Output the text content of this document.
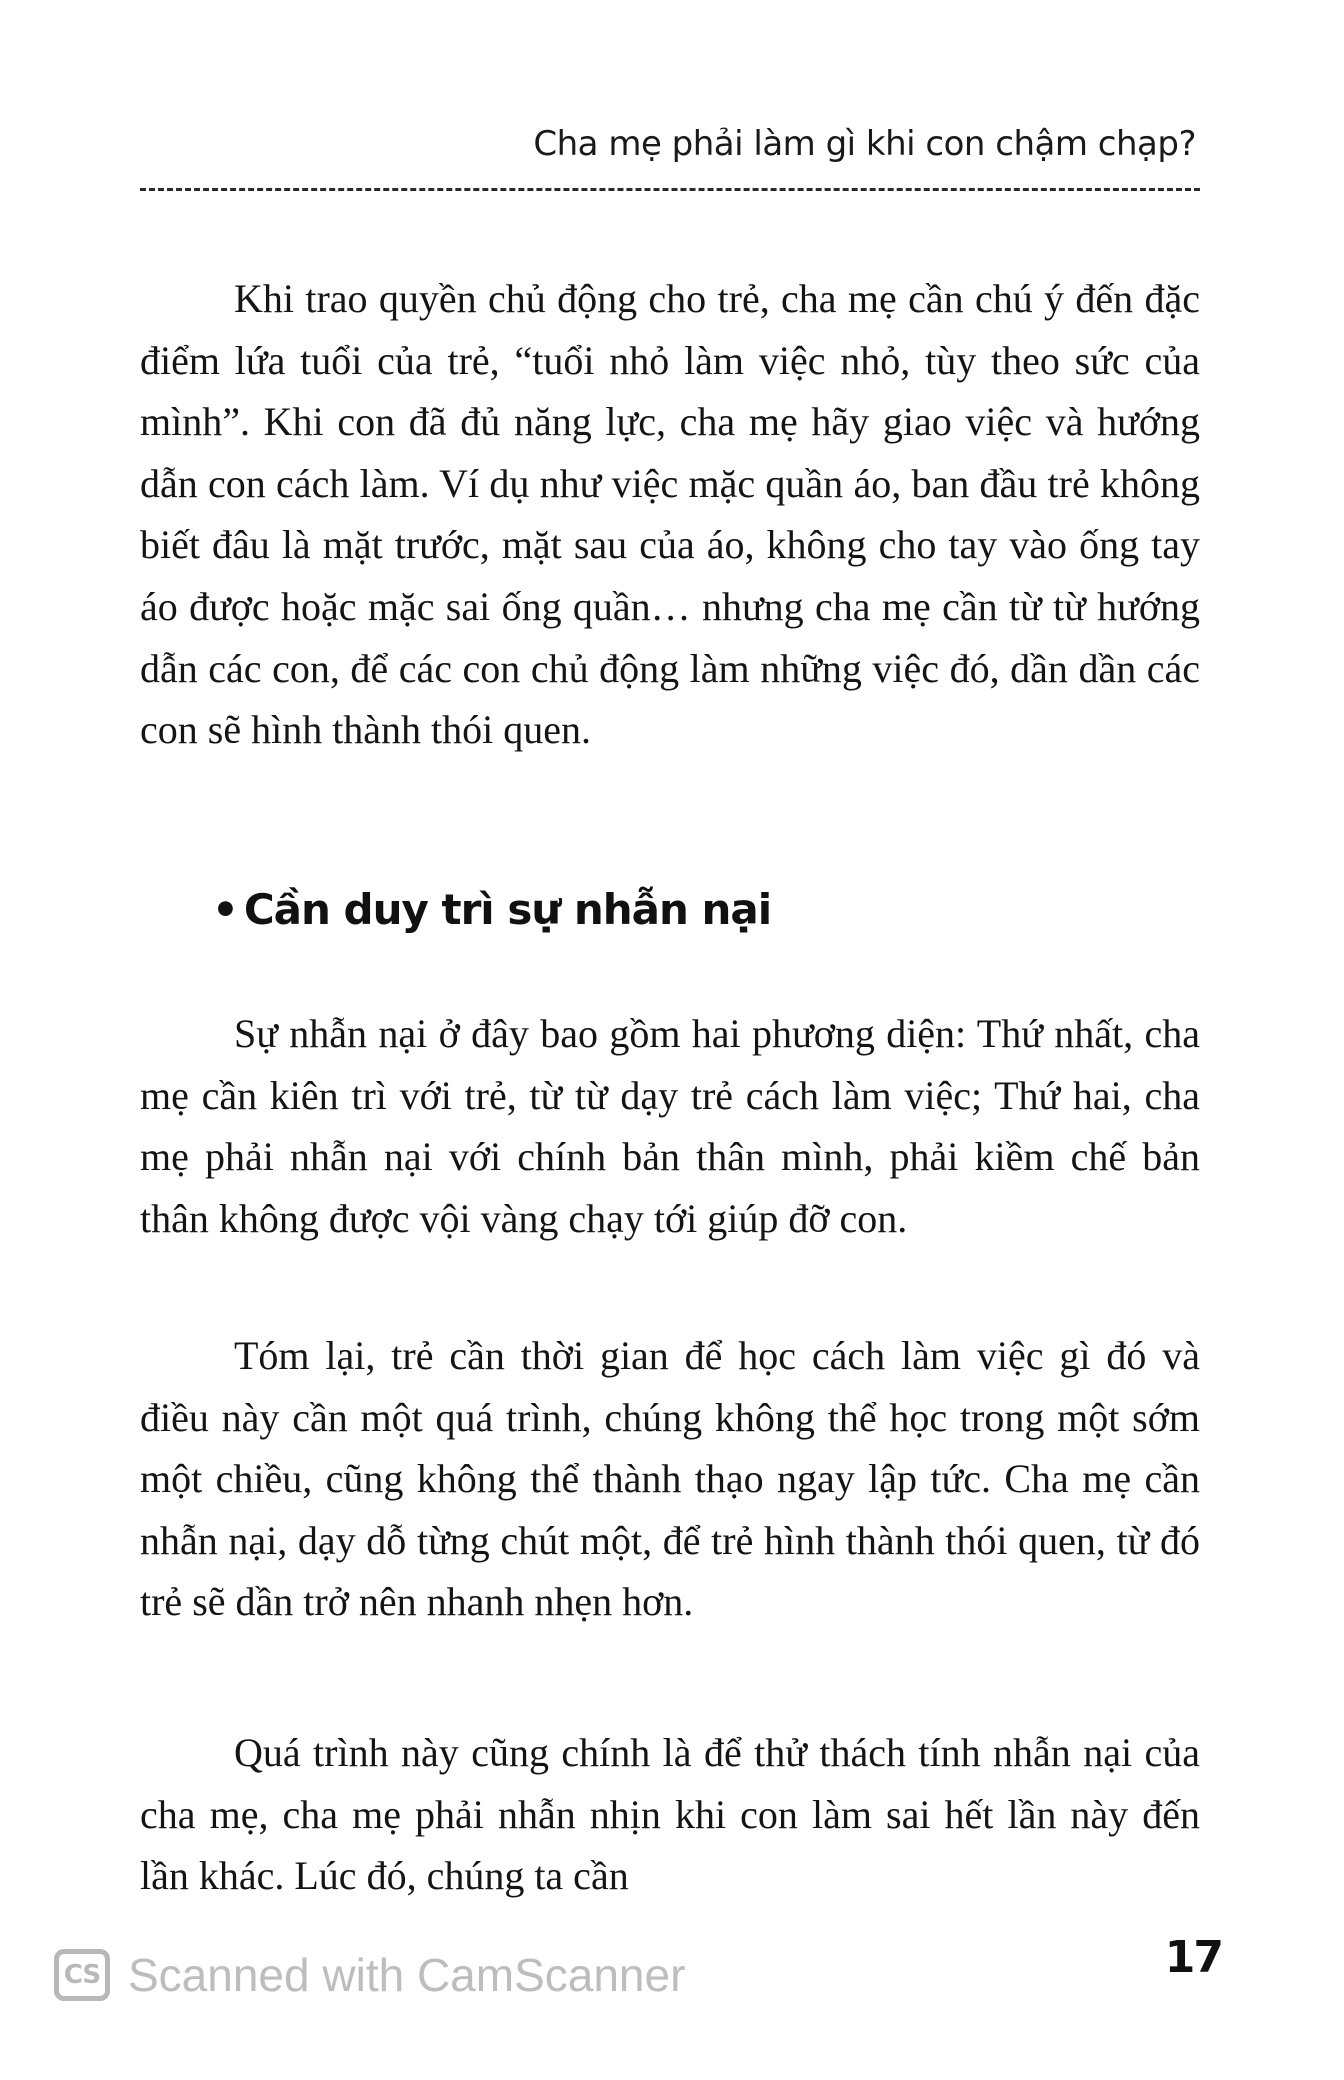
Cha mẹ phải làm gì khi con chậm chạp?

Khi trao quyền chủ động cho trẻ, cha mẹ cần chú ý đến đặc điểm lứa tuổi của trẻ, “tuổi nhỏ làm việc nhỏ, tùy theo sức của mình”. Khi con đã đủ năng lực, cha mẹ hãy giao việc và hướng dẫn con cách làm. Ví dụ như việc mặc quần áo, ban đầu trẻ không biết đâu là mặt trước, mặt sau của áo, không cho tay vào ống tay áo được hoặc mặc sai ống quần… nhưng cha mẹ cần từ từ hướng dẫn các con, để các con chủ động làm những việc đó, dần dần các con sẽ hình thành thói quen.

• Cần duy trì sự nhẫn nại

Sự nhẫn nại ở đây bao gồm hai phương diện: Thứ nhất, cha mẹ cần kiên trì với trẻ, từ từ dạy trẻ cách làm việc; Thứ hai, cha mẹ phải nhẫn nại với chính bản thân mình, phải kiềm chế bản thân không được vội vàng chạy tới giúp đỡ con.

Tóm lại, trẻ cần thời gian để học cách làm việc gì đó và điều này cần một quá trình, chúng không thể học trong một sớm một chiều, cũng không thể thành thạo ngay lập tức. Cha mẹ cần nhẫn nại, dạy dỗ từng chút một, để trẻ hình thành thói quen, từ đó trẻ sẽ dần trở nên nhanh nhẹn hơn.

Quá trình này cũng chính là để thử thách tính nhẫn nại của cha mẹ, cha mẹ phải nhẫn nhịn khi con làm sai hết lần này đến lần khác. Lúc đó, chúng ta cần

CS Scanned with CamScanner	17
